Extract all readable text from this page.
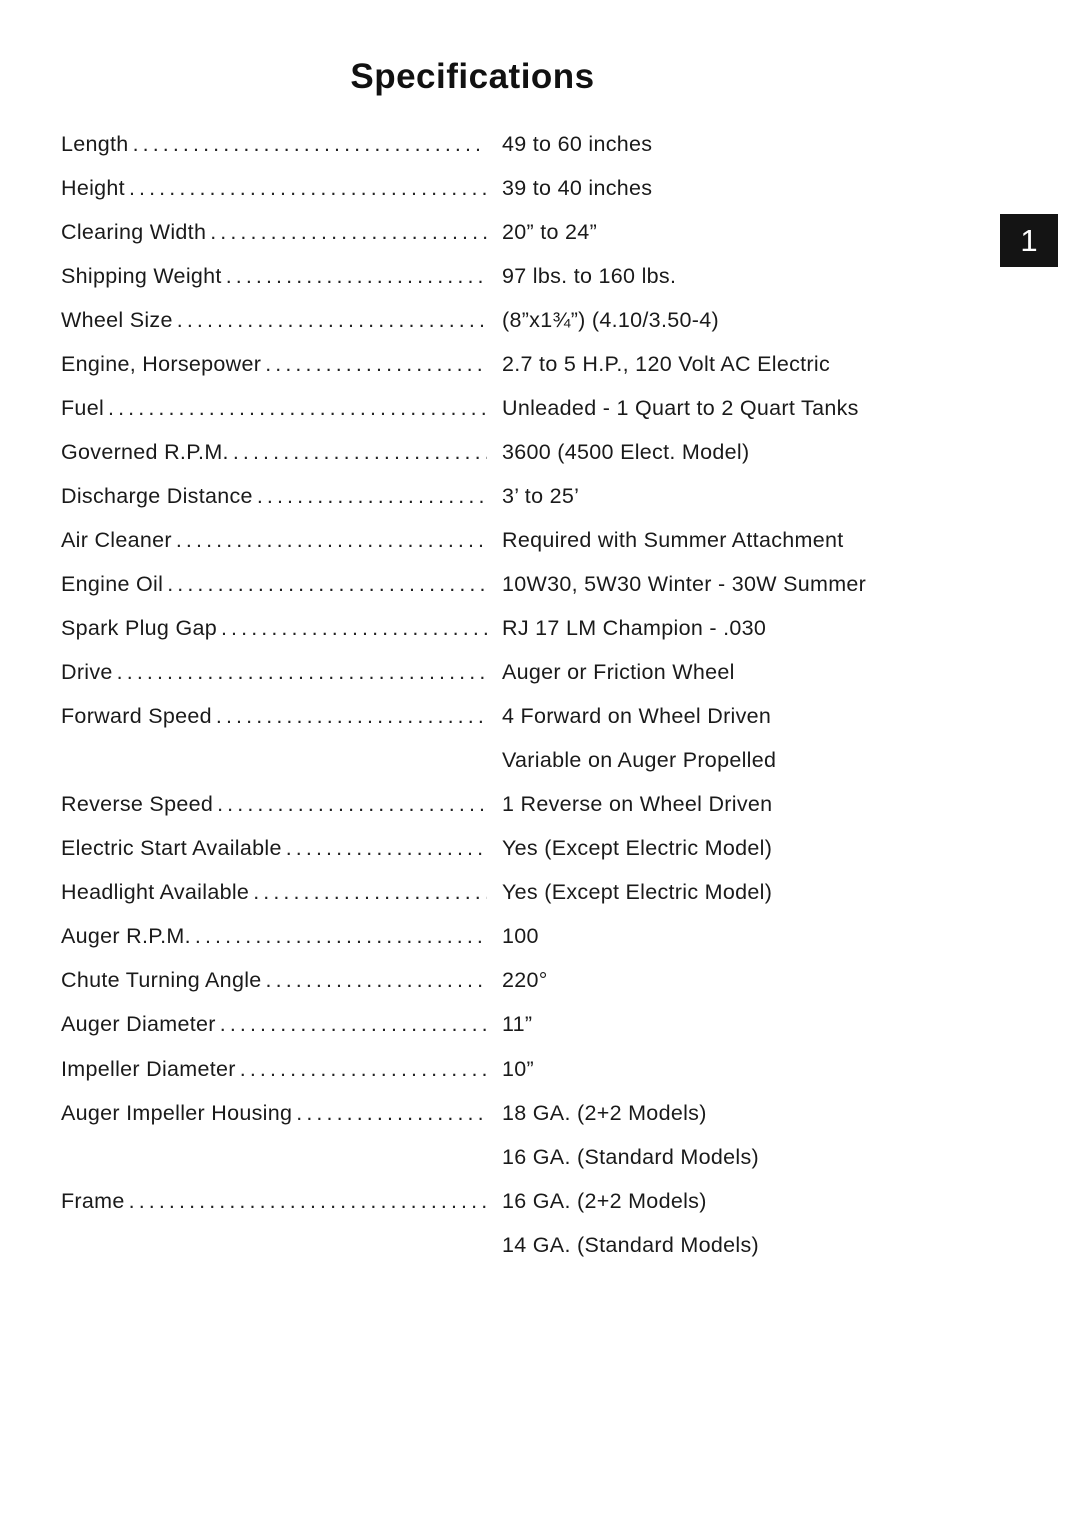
Specifications
1
Length .....	49 to 60 inches
Height .....	39 to 40 inches
Clearing Width .....	20” to 24”
Shipping Weight .....	97 lbs. to 160 lbs.
Wheel Size .....	(8”x1¾”) (4.10/3.50-4)
Engine, Horsepower .....	2.7 to 5 H.P., 120 Volt AC Electric
Fuel .....	Unleaded - 1 Quart to 2 Quart Tanks
Governed R.P.M. .....	3600 (4500 Elect. Model)
Discharge Distance .....	3’ to 25’
Air Cleaner .....	Required with Summer Attachment
Engine Oil .....	10W30, 5W30 Winter - 30W Summer
Spark Plug Gap .....	RJ 17 LM Champion - .030
Drive .....	Auger or Friction Wheel
Forward Speed .....	4 Forward on Wheel Driven
Variable on Auger Propelled
Reverse Speed .....	1 Reverse on Wheel Driven
Electric Start Available .....	Yes (Except Electric Model)
Headlight Available .....	Yes (Except Electric Model)
Auger R.P.M. .....	100
Chute Turning Angle .....	220°
Auger Diameter .....	11”
Impeller Diameter .....	10”
Auger Impeller Housing .....	18 GA. (2+2 Models)
16 GA. (Standard Models)
Frame .....	16 GA. (2+2 Models)
14 GA. (Standard Models)
